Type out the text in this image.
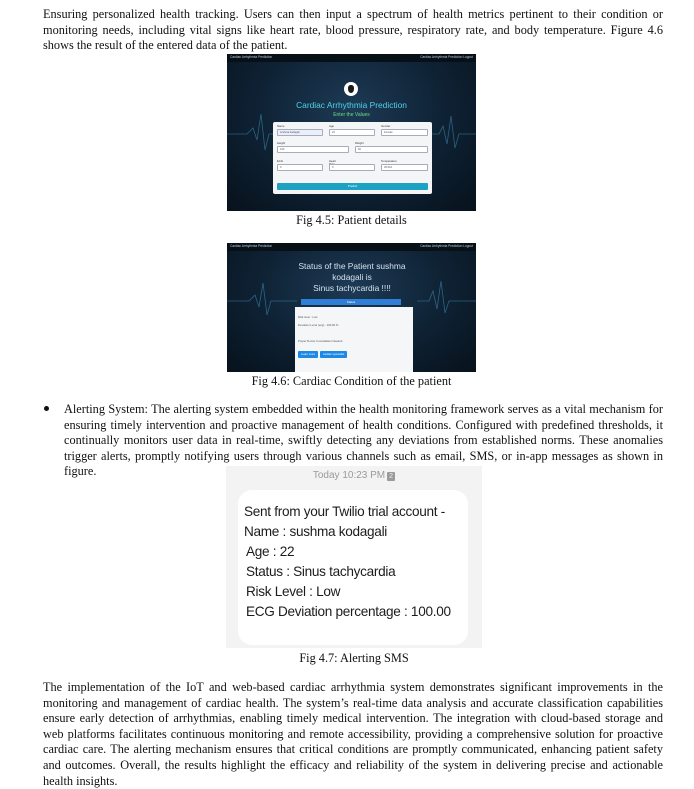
Ensuring personalized health tracking. Users can then input a spectrum of health metrics pertinent to their condition or monitoring needs, including vital signs like heart rate, blood pressure, respiratory rate, and body temperature. Figure 4.6 shows the result of the entered data of the patient.

Cardiac Arrhythmia Prediction	Cardiac Arrhythmia Prediction Logout
Cardiac Arrhythmia Prediction
Enter the Values
Name
sushma kodagali
Age
22
Gender
Female
Height
160
Weight
60
ECG
0
Heart
0
Temperature
36.644
Predict
Fig 4.5: Patient details
Cardiac Arrhythmia Prediction	Cardiac Arrhythmia Prediction Logout
Status of the Patient sushma
kodagali is
Sinus tachycardia !!!!
Status
Risk level : Low
Deviation Level (ecg) : 100.00 %
Proper Doctor Consultation Needed
Learn more	cardiac specialist
Fig 4.6: Cardiac Condition of the patient

Alerting System: The alerting system embedded within the health monitoring framework serves as a vital mechanism for ensuring timely intervention and proactive management of health conditions. Configured with predefined thresholds, it continually monitors user data in real-time, swiftly detecting any deviations from established norms. These anomalies trigger alerts, promptly notifying users through various channels such as email, SMS, or in-app messages as shown in figure.	Today 10:23 PM 2
Sent from your Twilio trial account -
Name : sushma kodagali
Age : 22
Status : Sinus tachycardia
Risk Level : Low
ECG Deviation percentage : 100.00
Fig 4.7: Alerting SMS

The implementation of the IoT and web-based cardiac arrhythmia system demonstrates significant improvements in the monitoring and management of cardiac health. The system’s real-time data analysis and accurate classification capabilities ensure early detection of arrhythmias, enabling timely medical intervention. The integration with cloud-based storage and web platforms facilitates continuous monitoring and remote accessibility, providing a comprehensive solution for proactive cardiac care. The alerting mechanism ensures that critical conditions are promptly communicated, enhancing patient safety and outcomes. Overall, the results highlight the efficacy and reliability of the system in delivering precise and actionable health insights.
